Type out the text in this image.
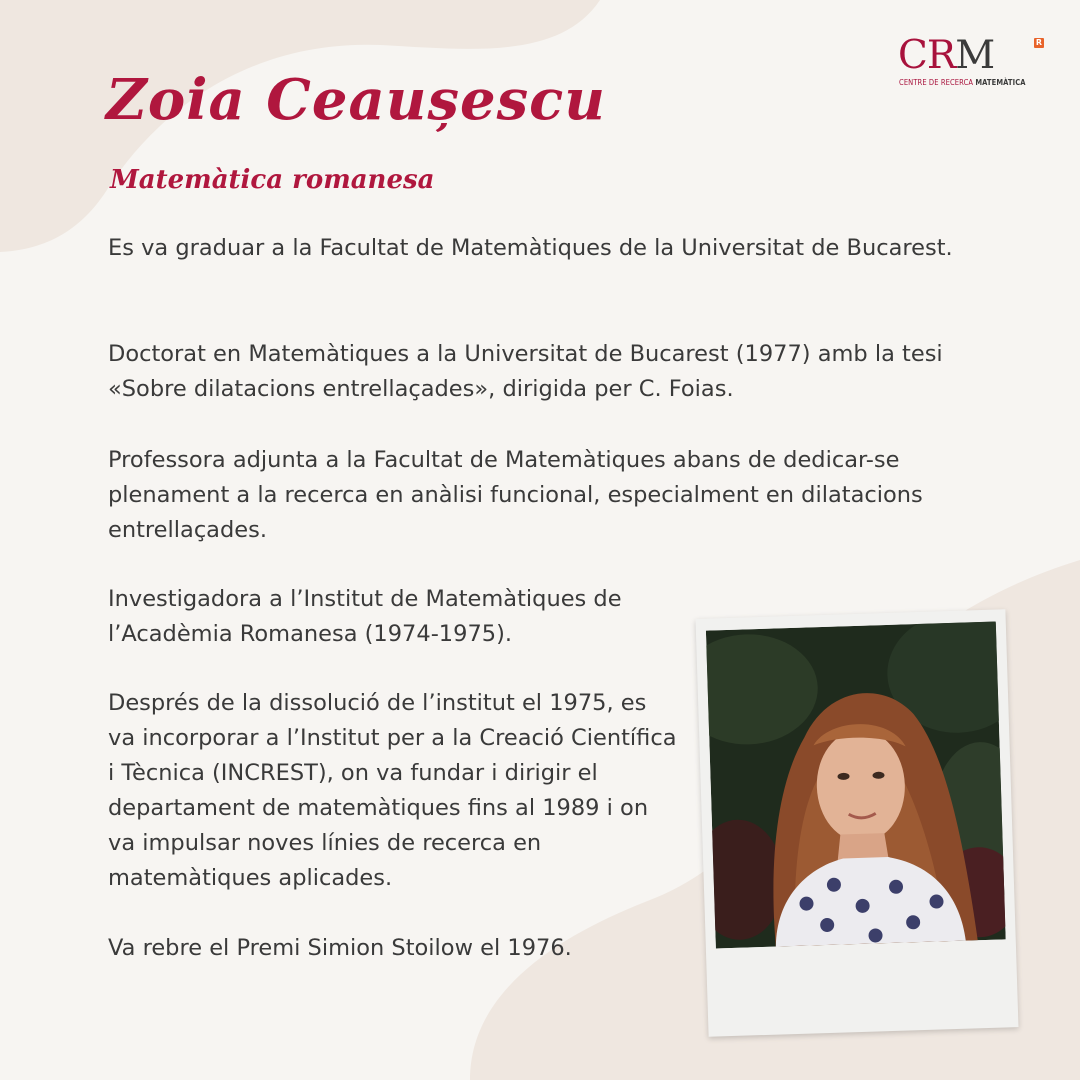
CRM	R
CENTRE DE RECERCA MATEMÀTICA
Zoia Ceaușescu
Matemàtica romanesa

Es va graduar a la Facultat de Matemàtiques de la Universitat de Bucarest.

Doctorat en Matemàtiques a la Universitat de Bucarest (1977) amb la tesi «Sobre dilatacions entrellaçades», dirigida per C. Foias.

Professora adjunta a la Facultat de Matemàtiques abans de dedicar-se plenament a la recerca en anàlisi funcional, especialment en dilatacions entrellaçades.

Investigadora a l’Institut de Matemàtiques de l’Acadèmia Romanesa (1974-1975).

Després de la dissolució de l’institut el 1975, es va incorporar a l’Institut per a la Creació Científica i Tècnica (INCREST), on va fundar i dirigir el departament de matemàtiques fins al 1989 i on va impulsar noves línies de recerca en matemàtiques aplicades.

Va rebre el Premi Simion Stoilow el 1976.
